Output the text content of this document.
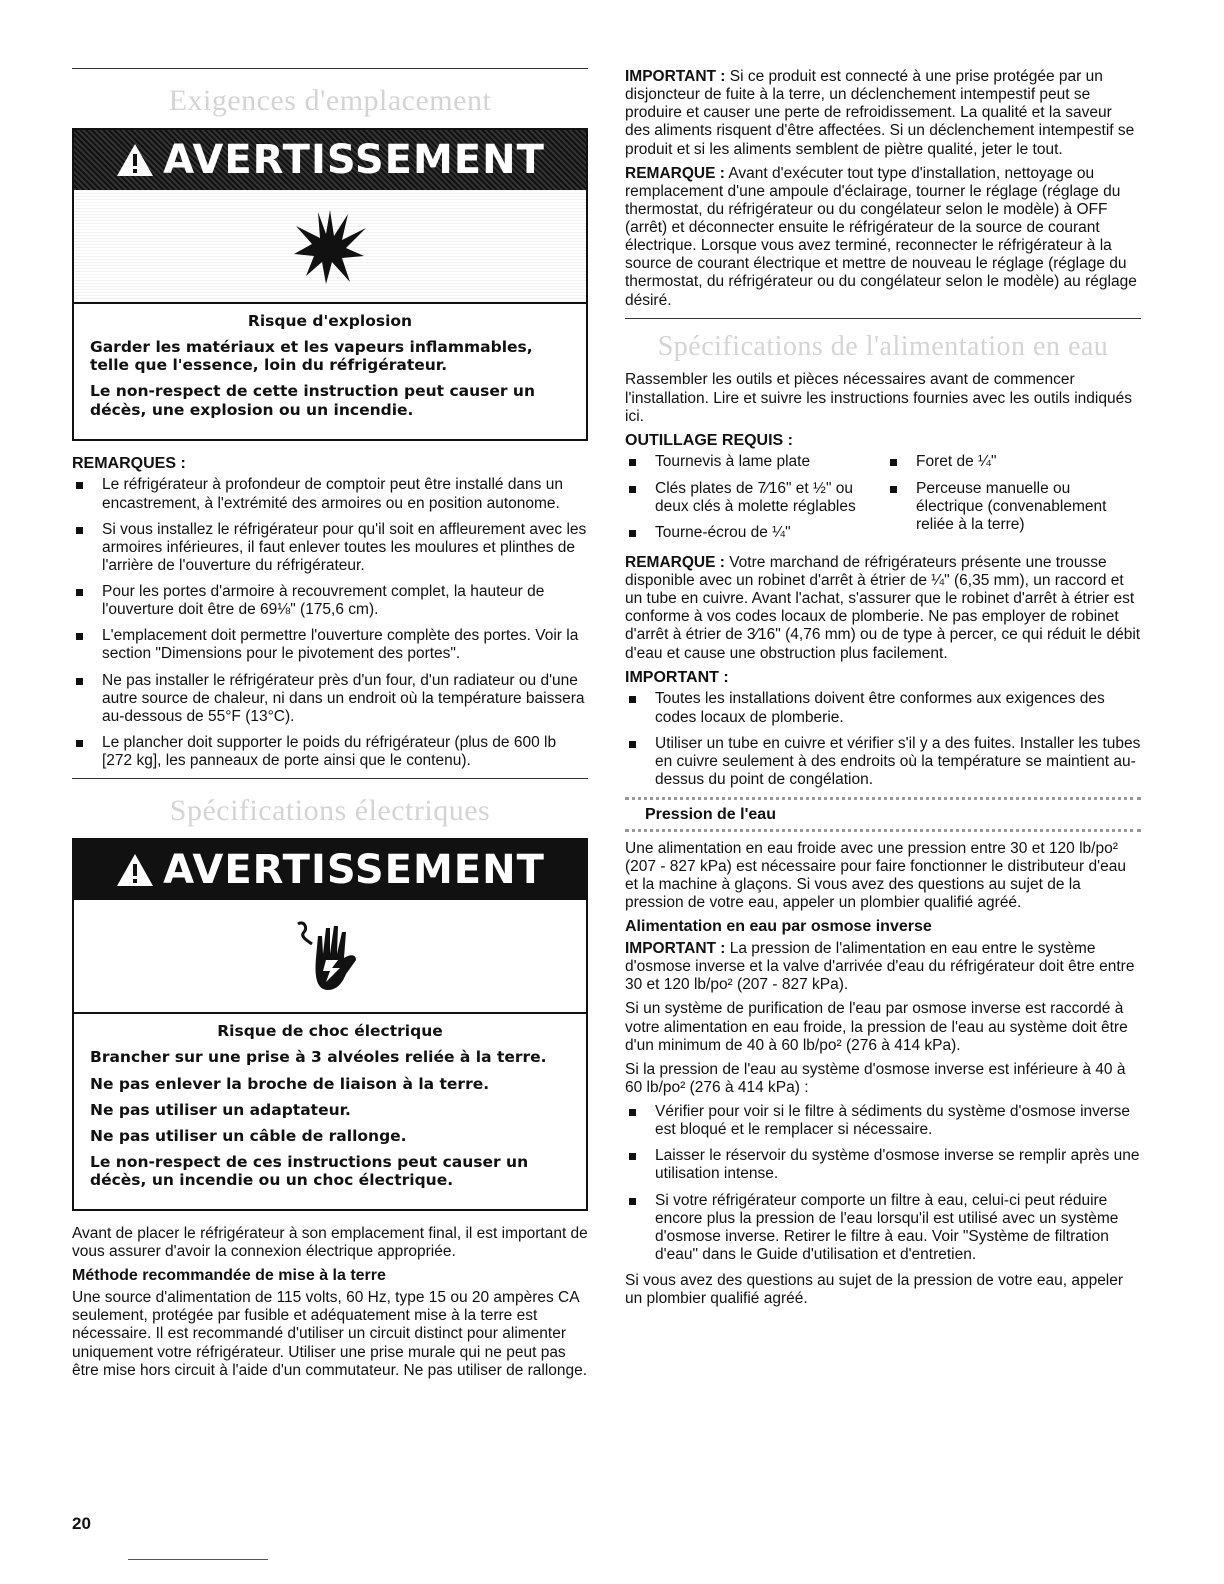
Exigences d'emplacement
AVERTISSEMENT
Risque d'explosion

Garder les matériaux et les vapeurs inflammables, telle que l'essence, loin du réfrigérateur.

Le non-respect de cette instruction peut causer un décès, une explosion ou un incendie.

REMARQUES :
Le réfrigérateur à profondeur de comptoir peut être installé dans un encastrement, à l'extrémité des armoires ou en position autonome.
Si vous installez le réfrigérateur pour qu'il soit en affleurement avec les armoires inférieures, il faut enlever toutes les moulures et plinthes de l'arrière de l'ouverture du réfrigérateur.
Pour les portes d'armoire à recouvrement complet, la hauteur de l'ouverture doit être de 69⅛" (175,6 cm).
L'emplacement doit permettre l'ouverture complète des portes. Voir la section "Dimensions pour le pivotement des portes".
Ne pas installer le réfrigérateur près d'un four, d'un radiateur ou d'une autre source de chaleur, ni dans un endroit où la température baissera au-dessous de 55°F (13°C).
Le plancher doit supporter le poids du réfrigérateur (plus de 600 lb [272 kg], les panneaux de porte ainsi que le contenu).
Spécifications électriques
AVERTISSEMENT
Risque de choc électrique

Brancher sur une prise à 3 alvéoles reliée à la terre.

Ne pas enlever la broche de liaison à la terre.

Ne pas utiliser un adaptateur.

Ne pas utiliser un câble de rallonge.

Le non-respect de ces instructions peut causer un décès, un incendie ou un choc électrique.

Avant de placer le réfrigérateur à son emplacement final, il est important de vous assurer d'avoir la connexion électrique appropriée.

Méthode recommandée de mise à la terre

Une source d'alimentation de 115 volts, 60 Hz, type 15 ou 20 ampères CA seulement, protégée par fusible et adéquatement mise à la terre est nécessaire. Il est recommandé d'utiliser un circuit distinct pour alimenter uniquement votre réfrigérateur. Utiliser une prise murale qui ne peut pas être mise hors circuit à l'aide d'un commutateur. Ne pas utiliser de rallonge.

IMPORTANT : Si ce produit est connecté à une prise protégée par un disjoncteur de fuite à la terre, un déclenchement intempestif peut se produire et causer une perte de refroidissement. La qualité et la saveur des aliments risquent d'être affectées. Si un déclenchement intempestif se produit et si les aliments semblent de piètre qualité, jeter le tout.

REMARQUE : Avant d'exécuter tout type d'installation, nettoyage ou remplacement d'une ampoule d'éclairage, tourner le réglage (réglage du thermostat, du réfrigérateur ou du congélateur selon le modèle) à OFF (arrêt) et déconnecter ensuite le réfrigérateur de la source de courant électrique. Lorsque vous avez terminé, reconnecter le réfrigérateur à la source de courant électrique et mettre de nouveau le réglage (réglage du thermostat, du réfrigérateur ou du congélateur selon le modèle) au réglage désiré.

Spécifications de l'alimentation en eau

Rassembler les outils et pièces nécessaires avant de commencer l'installation. Lire et suivre les instructions fournies avec les outils indiqués ici.

OUTILLAGE REQUIS :
Tournevis à lame plate
Clés plates de 7⁄16" et ½" ou deux clés à molette réglables
Tourne-écrou de ¼"
Foret de ¼"
Perceuse manuelle ou électrique (convenablement reliée à la terre)

REMARQUE : Votre marchand de réfrigérateurs présente une trousse disponible avec un robinet d'arrêt à étrier de ¼" (6,35 mm), un raccord et un tube en cuivre. Avant l'achat, s'assurer que le robinet d'arrêt à étrier est conforme à vos codes locaux de plomberie. Ne pas employer de robinet d'arrêt à étrier de 3⁄16" (4,76 mm) ou de type à percer, ce qui réduit le débit d'eau et cause une obstruction plus facilement.

IMPORTANT :
Toutes les installations doivent être conformes aux exigences des codes locaux de plomberie.
Utiliser un tube en cuivre et vérifier s'il y a des fuites. Installer les tubes en cuivre seulement à des endroits où la température se maintient au-dessus du point de congélation.
Pression de l'eau

Une alimentation en eau froide avec une pression entre 30 et 120 lb/po² (207 - 827 kPa) est nécessaire pour faire fonctionner le distributeur d'eau et la machine à glaçons. Si vous avez des questions au sujet de la pression de votre eau, appeler un plombier qualifié agréé.

Alimentation en eau par osmose inverse

IMPORTANT : La pression de l'alimentation en eau entre le système d'osmose inverse et la valve d'arrivée d'eau du réfrigérateur doit être entre 30 et 120 lb/po² (207 - 827 kPa).

Si un système de purification de l'eau par osmose inverse est raccordé à votre alimentation en eau froide, la pression de l'eau au système doit être d'un minimum de 40 à 60 lb/po² (276 à 414 kPa).

Si la pression de l'eau au système d'osmose inverse est inférieure à 40 à 60 lb/po² (276 à 414 kPa) :

Vérifier pour voir si le filtre à sédiments du système d'osmose inverse est bloqué et le remplacer si nécessaire.
Laisser le réservoir du système d'osmose inverse se remplir après une utilisation intense.
Si votre réfrigérateur comporte un filtre à eau, celui-ci peut réduire encore plus la pression de l'eau lorsqu'il est utilisé avec un système d'osmose inverse. Retirer le filtre à eau. Voir "Système de filtration d'eau" dans le Guide d'utilisation et d'entretien.

Si vous avez des questions au sujet de la pression de votre eau, appeler un plombier qualifié agréé.

20
